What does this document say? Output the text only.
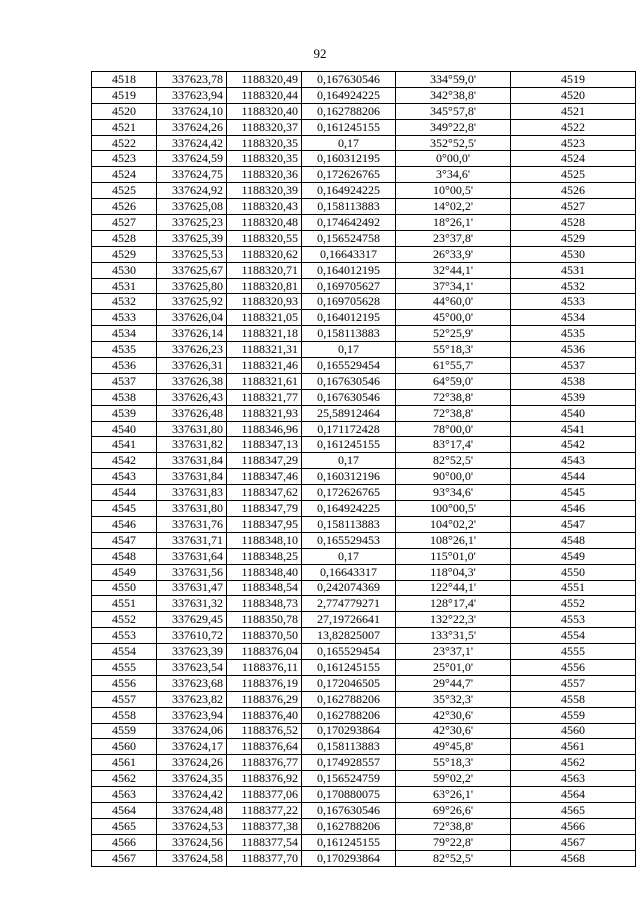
92
4518	337623,78	1188320,49	0,167630546	334°59,0'	4519
4519	337623,94	1188320,44	0,164924225	342°38,8'	4520
4520	337624,10	1188320,40	0,162788206	345°57,8'	4521
4521	337624,26	1188320,37	0,161245155	349°22,8'	4522
4522	337624,42	1188320,35	0,17	352°52,5'	4523
4523	337624,59	1188320,35	0,160312195	0°00,0'	4524
4524	337624,75	1188320,36	0,172626765	3°34,6'	4525
4525	337624,92	1188320,39	0,164924225	10°00,5'	4526
4526	337625,08	1188320,43	0,158113883	14°02,2'	4527
4527	337625,23	1188320,48	0,174642492	18°26,1'	4528
4528	337625,39	1188320,55	0,156524758	23°37,8'	4529
4529	337625,53	1188320,62	0,16643317	26°33,9'	4530
4530	337625,67	1188320,71	0,164012195	32°44,1'	4531
4531	337625,80	1188320,81	0,169705627	37°34,1'	4532
4532	337625,92	1188320,93	0,169705628	44°60,0'	4533
4533	337626,04	1188321,05	0,164012195	45°00,0'	4534
4534	337626,14	1188321,18	0,158113883	52°25,9'	4535
4535	337626,23	1188321,31	0,17	55°18,3'	4536
4536	337626,31	1188321,46	0,165529454	61°55,7'	4537
4537	337626,38	1188321,61	0,167630546	64°59,0'	4538
4538	337626,43	1188321,77	0,167630546	72°38,8'	4539
4539	337626,48	1188321,93	25,58912464	72°38,8'	4540
4540	337631,80	1188346,96	0,171172428	78°00,0'	4541
4541	337631,82	1188347,13	0,161245155	83°17,4'	4542
4542	337631,84	1188347,29	0,17	82°52,5'	4543
4543	337631,84	1188347,46	0,160312196	90°00,0'	4544
4544	337631,83	1188347,62	0,172626765	93°34,6'	4545
4545	337631,80	1188347,79	0,164924225	100°00,5'	4546
4546	337631,76	1188347,95	0,158113883	104°02,2'	4547
4547	337631,71	1188348,10	0,165529453	108°26,1'	4548
4548	337631,64	1188348,25	0,17	115°01,0'	4549
4549	337631,56	1188348,40	0,16643317	118°04,3'	4550
4550	337631,47	1188348,54	0,242074369	122°44,1'	4551
4551	337631,32	1188348,73	2,774779271	128°17,4'	4552
4552	337629,45	1188350,78	27,19726641	132°22,3'	4553
4553	337610,72	1188370,50	13,82825007	133°31,5'	4554
4554	337623,39	1188376,04	0,165529454	23°37,1'	4555
4555	337623,54	1188376,11	0,161245155	25°01,0'	4556
4556	337623,68	1188376,19	0,172046505	29°44,7'	4557
4557	337623,82	1188376,29	0,162788206	35°32,3'	4558
4558	337623,94	1188376,40	0,162788206	42°30,6'	4559
4559	337624,06	1188376,52	0,170293864	42°30,6'	4560
4560	337624,17	1188376,64	0,158113883	49°45,8'	4561
4561	337624,26	1188376,77	0,174928557	55°18,3'	4562
4562	337624,35	1188376,92	0,156524759	59°02,2'	4563
4563	337624,42	1188377,06	0,170880075	63°26,1'	4564
4564	337624,48	1188377,22	0,167630546	69°26,6'	4565
4565	337624,53	1188377,38	0,162788206	72°38,8'	4566
4566	337624,56	1188377,54	0,161245155	79°22,8'	4567
4567	337624,58	1188377,70	0,170293864	82°52,5'	4568
